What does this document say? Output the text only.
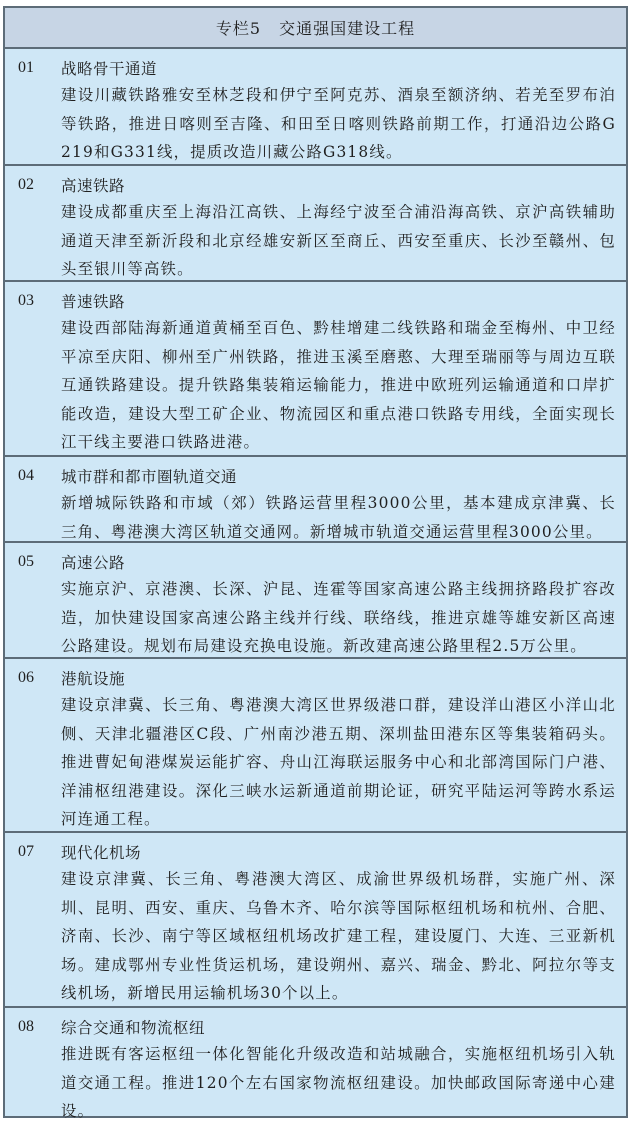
专栏5 交通强国建设工程
01	战略骨干通道
建设川藏铁路雅安至林芝段和伊宁至阿克苏、酒泉至额济纳、若羌至罗布泊等铁路，推进日喀则至吉隆、和田至日喀则铁路前期工作，打通沿边公路G219和G331线，提质改造川藏公路G318线。
02	高速铁路
建设成都重庆至上海沿江高铁、上海经宁波至合浦沿海高铁、京沪高铁辅助通道天津至新沂段和北京经雄安新区至商丘、西安至重庆、长沙至赣州、包头至银川等高铁。
03	普速铁路
建设西部陆海新通道黄桶至百色、黔桂增建二线铁路和瑞金至梅州、中卫经平凉至庆阳、柳州至广州铁路，推进玉溪至磨憨、大理至瑞丽等与周边互联互通铁路建设。提升铁路集装箱运输能力，推进中欧班列运输通道和口岸扩能改造，建设大型工矿企业、物流园区和重点港口铁路专用线，全面实现长江干线主要港口铁路进港。
04	城市群和都市圈轨道交通
新增城际铁路和市域（郊）铁路运营里程3000公里，基本建成京津冀、长三角、粤港澳大湾区轨道交通网。新增城市轨道交通运营里程3000公里。
05	高速公路
实施京沪、京港澳、长深、沪昆、连霍等国家高速公路主线拥挤路段扩容改造，加快建设国家高速公路主线并行线、联络线，推进京雄等雄安新区高速公路建设。规划布局建设充换电设施。新改建高速公路里程2.5万公里。
06	港航设施
建设京津冀、长三角、粤港澳大湾区世界级港口群，建设洋山港区小洋山北侧、天津北疆港区C段、广州南沙港五期、深圳盐田港东区等集装箱码头。推进曹妃甸港煤炭运能扩容、舟山江海联运服务中心和北部湾国际门户港、洋浦枢纽港建设。深化三峡水运新通道前期论证，研究平陆运河等跨水系运河连通工程。
07	现代化机场
建设京津冀、长三角、粤港澳大湾区、成渝世界级机场群，实施广州、深圳、昆明、西安、重庆、乌鲁木齐、哈尔滨等国际枢纽机场和杭州、合肥、济南、长沙、南宁等区域枢纽机场改扩建工程，建设厦门、大连、三亚新机场。建成鄂州专业性货运机场，建设朔州、嘉兴、瑞金、黔北、阿拉尔等支线机场，新增民用运输机场30个以上。
08	综合交通和物流枢纽
推进既有客运枢纽一体化智能化升级改造和站城融合，实施枢纽机场引入轨道交通工程。推进120个左右国家物流枢纽建设。加快邮政国际寄递中心建设。
